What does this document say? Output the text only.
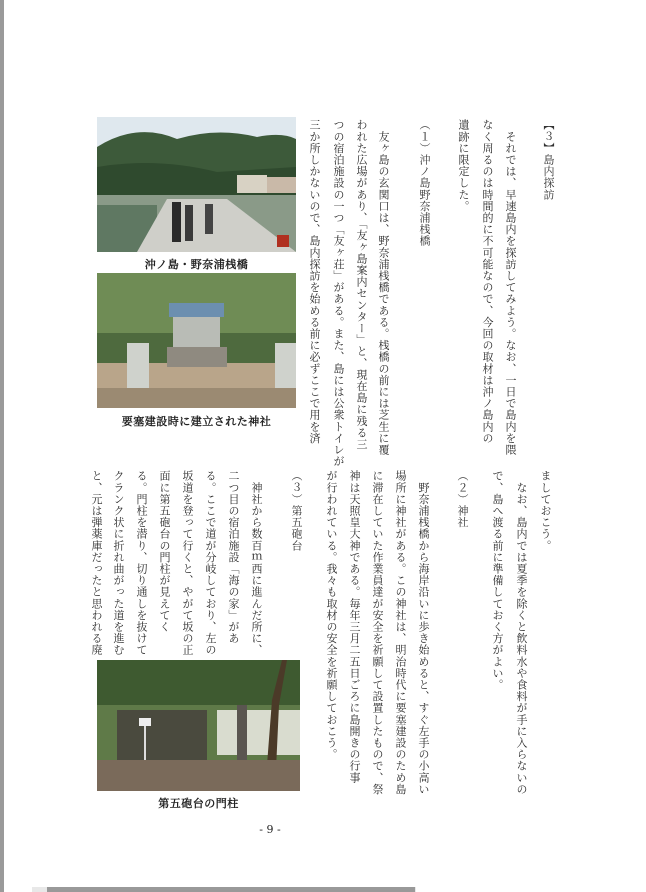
【３】島内探訪
　それでは、早速島内を探訪してみよう。なお、一日で島内を隈
なく周るのは時間的に不可能なので、今回の取材は沖ノ島内の
遺跡に限定した。
（１）沖ノ島野奈浦桟橋
　友ヶ島の玄関口は、野奈浦桟橋である。桟橋の前には芝生に覆
われた広場があり、「友ヶ島案内センター」と、現在島に残る三
つの宿泊施設の一つ「友ヶ荘」がある。また、島には公衆トイレが
三か所しかないので、島内探訪を始める前に必ずここで用を済
ましておこう。
　なお、島内では夏季を除くと飲料水や食料が手に入らないの
で、島へ渡る前に準備しておく方がよい。
（２）神社
　野奈浦桟橋から海岸沿いに歩き始めると、すぐ左手の小高い
場所に神社がある。この神社は、明治時代に要塞建設のため島
に滞在していた作業員達が安全を祈願して設置したもので、祭
神は天照皇大神である。毎年三月二五日ごろに島開きの行事
が行われている。我々も取材の安全を祈願しておこう。
（３）第五砲台
　神社から数百ｍ西に進んだ所に、
二つ目の宿泊施設「海の家」があ
る。ここで道が分岐しており、左の
坂道を登って行くと、やがて坂の正
面に第五砲台の門柱が見えてく
る。門柱を潜り、切り通しを抜けて
クランク状に折れ曲がった道を進む
と、元は弾薬庫だったと思われる廃
沖ノ島・野奈浦桟橋
要塞建設時に建立された神社
第五砲台の門柱
- 9 -
